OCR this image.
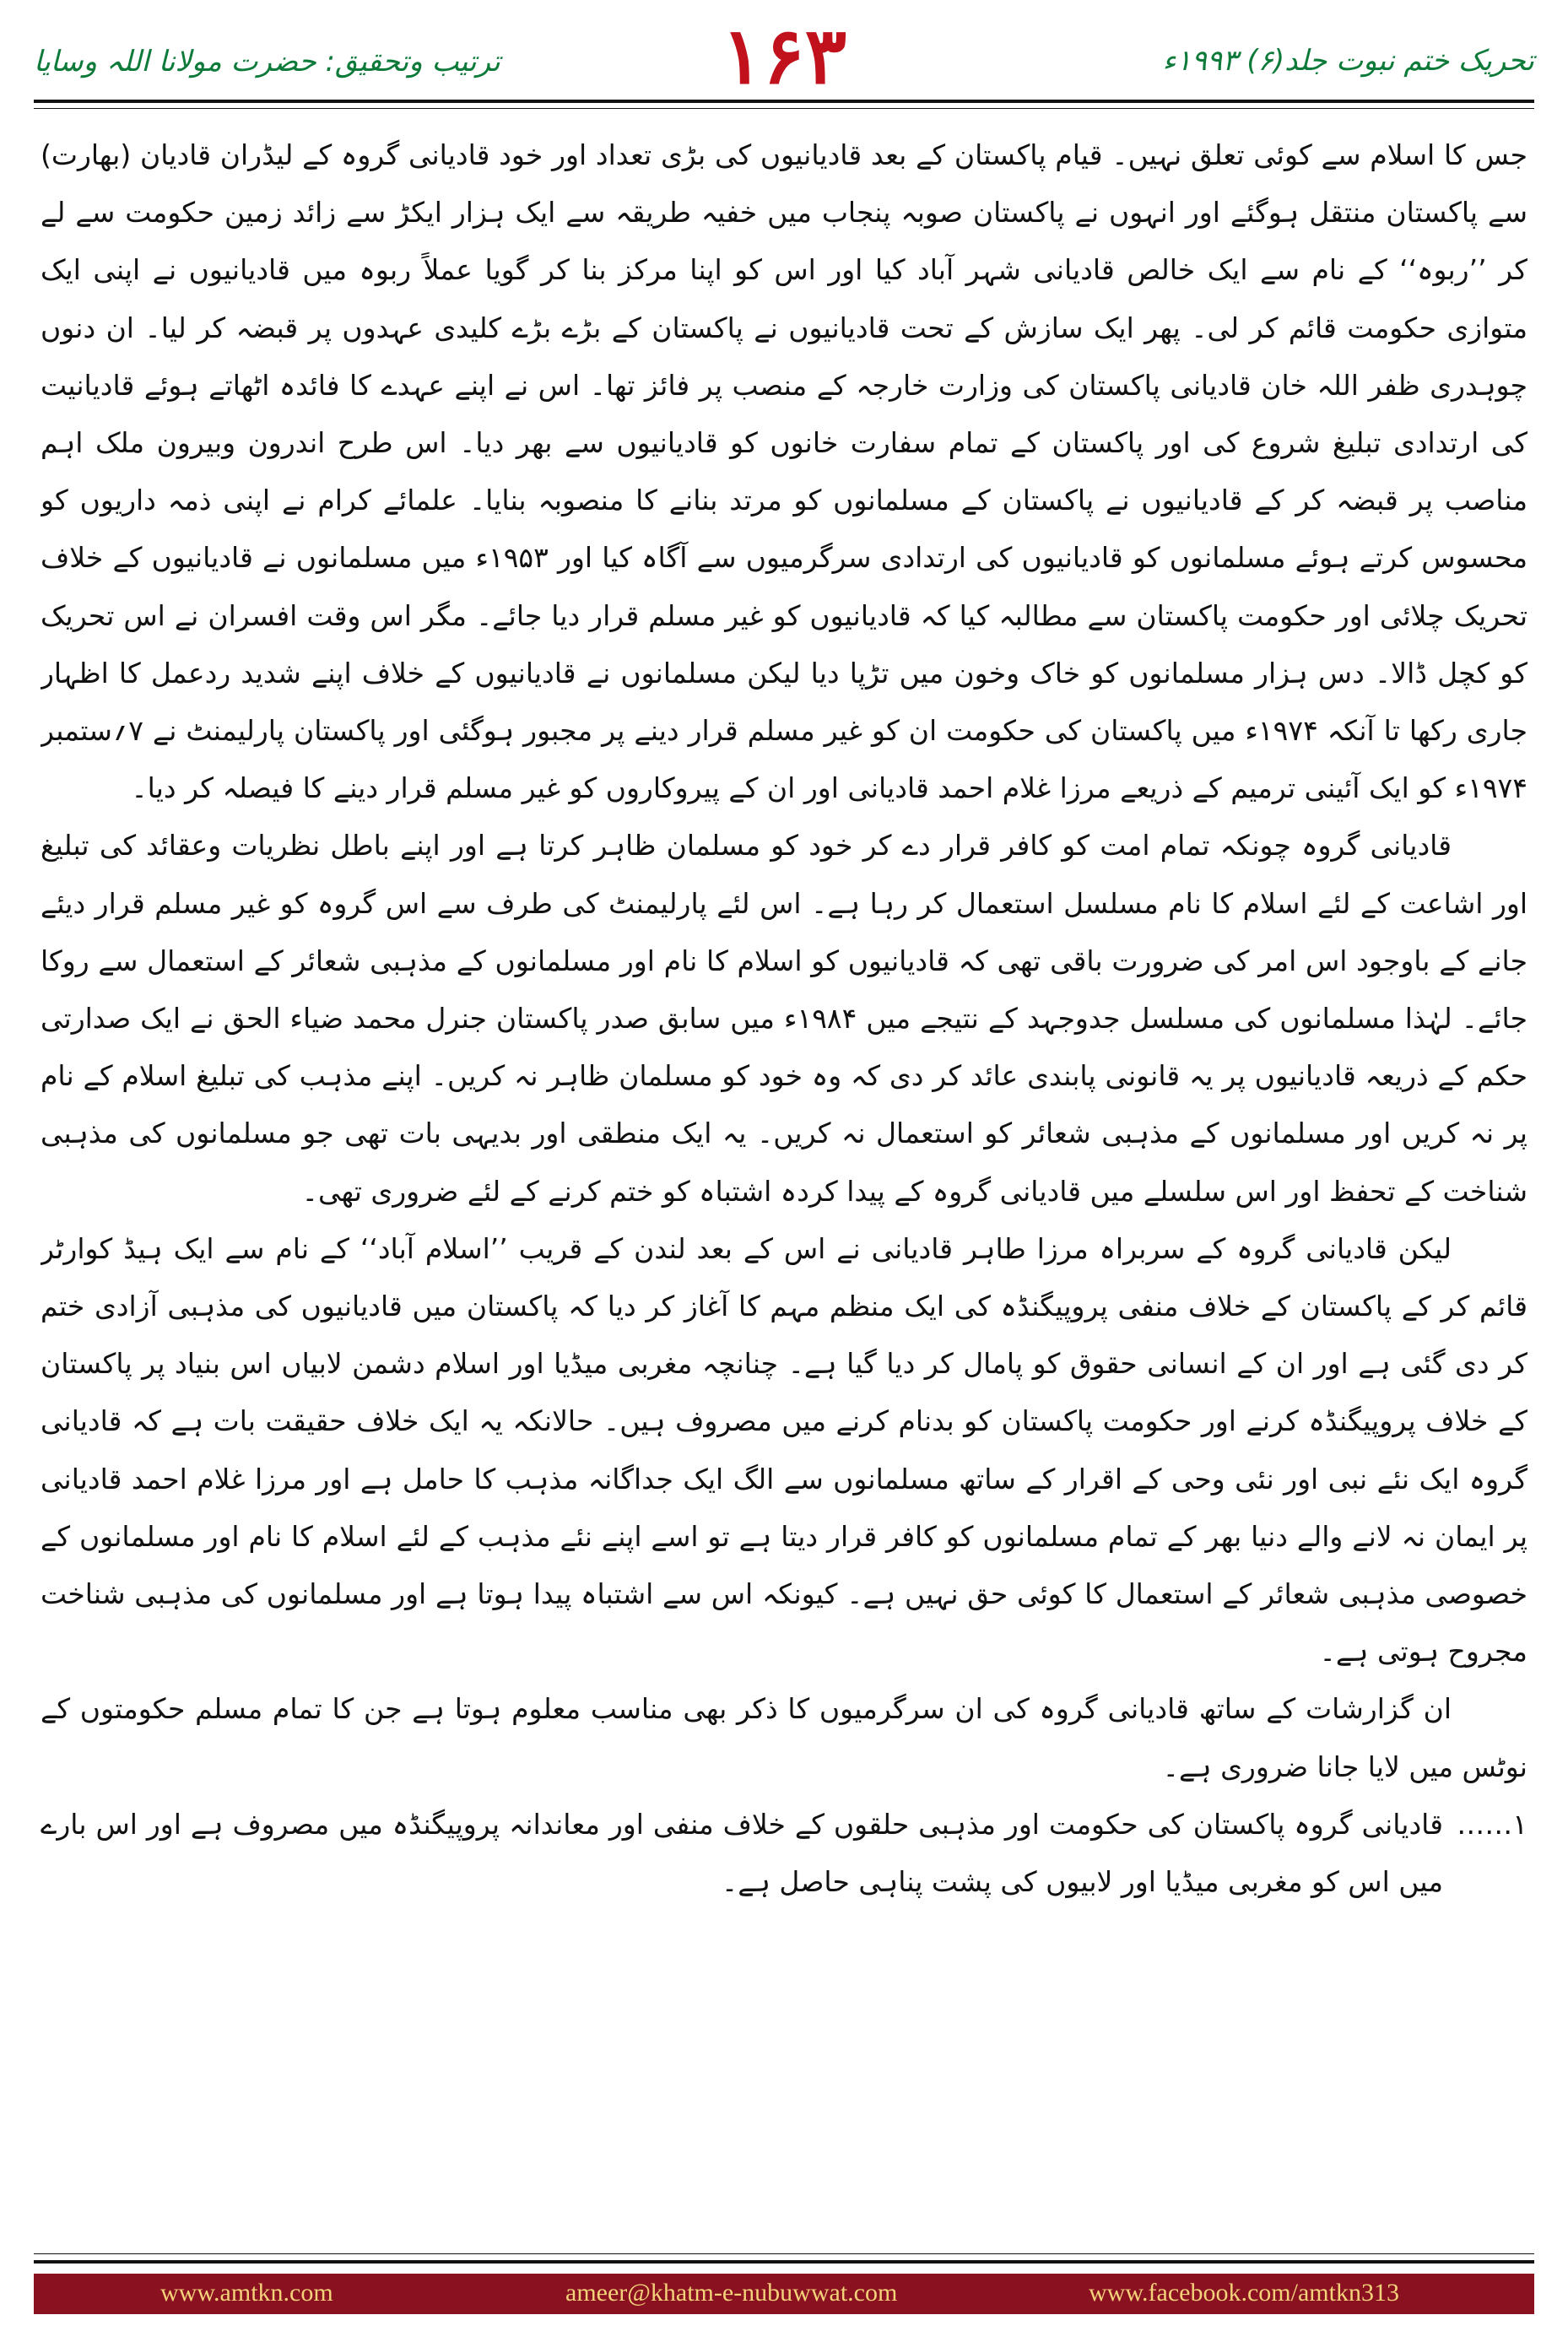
ترتیب وتحقیق: حضرت مولانا اللہ وسایا	۱۶۳	تحریک ختم نبوت جلد(۶) ۱۹۹۳ء

جس کا اسلام سے کوئی تعلق نہیں۔ قیام پاکستان کے بعد قادیانیوں کی بڑی تعداد اور خود قادیانی گروہ کے لیڈران قادیان (بھارت) سے پاکستان منتقل ہوگئے اور انہوں نے پاکستان صوبہ پنجاب میں خفیہ طریقہ سے ایک ہزار ایکڑ سے زائد زمین حکومت سے لے کر ’’ربوہ‘‘ کے نام سے ایک خالص قادیانی شہر آباد کیا اور اس کو اپنا مرکز بنا کر گویا عملاً ربوہ میں قادیانیوں نے اپنی ایک متوازی حکومت قائم کر لی۔ پھر ایک سازش کے تحت قادیانیوں نے پاکستان کے بڑے بڑے کلیدی عہدوں پر قبضہ کر لیا۔ ان دنوں چوہدری ظفر اللہ خان قادیانی پاکستان کی وزارت خارجہ کے منصب پر فائز تھا۔ اس نے اپنے عہدے کا فائدہ اٹھاتے ہوئے قادیانیت کی ارتدادی تبلیغ شروع کی اور پاکستان کے تمام سفارت خانوں کو قادیانیوں سے بھر دیا۔ اس طرح اندرون وبیرون ملک اہم مناصب پر قبضہ کر کے قادیانیوں نے پاکستان کے مسلمانوں کو مرتد بنانے کا منصوبہ بنایا۔ علمائے کرام نے اپنی ذمہ داریوں کو محسوس کرتے ہوئے مسلمانوں کو قادیانیوں کی ارتدادی سرگرمیوں سے آگاہ کیا اور ۱۹۵۳ء میں مسلمانوں نے قادیانیوں کے خلاف تحریک چلائی اور حکومت پاکستان سے مطالبہ کیا کہ قادیانیوں کو غیر مسلم قرار دیا جائے۔ مگر اس وقت افسران نے اس تحریک کو کچل ڈالا۔ دس ہزار مسلمانوں کو خاک وخون میں تڑپا دیا لیکن مسلمانوں نے قادیانیوں کے خلاف اپنے شدید ردعمل کا اظہار جاری رکھا تا آنکہ ۱۹۷۴ء میں پاکستان کی حکومت ان کو غیر مسلم قرار دینے پر مجبور ہوگئی اور پاکستان پارلیمنٹ نے ۷؍ستمبر ۱۹۷۴ء کو ایک آئینی ترمیم کے ذریعے مرزا غلام احمد قادیانی اور ان کے پیروکاروں کو غیر مسلم قرار دینے کا فیصلہ کر دیا۔

قادیانی گروہ چونکہ تمام امت کو کافر قرار دے کر خود کو مسلمان ظاہر کرتا ہے اور اپنے باطل نظریات وعقائد کی تبلیغ اور اشاعت کے لئے اسلام کا نام مسلسل استعمال کر رہا ہے۔ اس لئے پارلیمنٹ کی طرف سے اس گروہ کو غیر مسلم قرار دیئے جانے کے باوجود اس امر کی ضرورت باقی تھی کہ قادیانیوں کو اسلام کا نام اور مسلمانوں کے مذہبی شعائر کے استعمال سے روکا جائے۔ لہٰذا مسلمانوں کی مسلسل جدوجہد کے نتیجے میں ۱۹۸۴ء میں سابق صدر پاکستان جنرل محمد ضیاء الحق نے ایک صدارتی حکم کے ذریعہ قادیانیوں پر یہ قانونی پابندی عائد کر دی کہ وہ خود کو مسلمان ظاہر نہ کریں۔ اپنے مذہب کی تبلیغ اسلام کے نام پر نہ کریں اور مسلمانوں کے مذہبی شعائر کو استعمال نہ کریں۔ یہ ایک منطقی اور بدیہی بات تھی جو مسلمانوں کی مذہبی شناخت کے تحفظ اور اس سلسلے میں قادیانی گروہ کے پیدا کردہ اشتباہ کو ختم کرنے کے لئے ضروری تھی۔

لیکن قادیانی گروہ کے سربراہ مرزا طاہر قادیانی نے اس کے بعد لندن کے قریب ’’اسلام آباد‘‘ کے نام سے ایک ہیڈ کوارٹر قائم کر کے پاکستان کے خلاف منفی پروپیگنڈہ کی ایک منظم مہم کا آغاز کر دیا کہ پاکستان میں قادیانیوں کی مذہبی آزادی ختم کر دی گئی ہے اور ان کے انسانی حقوق کو پامال کر دیا گیا ہے۔ چنانچہ مغربی میڈیا اور اسلام دشمن لابیاں اس بنیاد پر پاکستان کے خلاف پروپیگنڈہ کرنے اور حکومت پاکستان کو بدنام کرنے میں مصروف ہیں۔ حالانکہ یہ ایک خلاف حقیقت بات ہے کہ قادیانی گروہ ایک نئے نبی اور نئی وحی کے اقرار کے ساتھ مسلمانوں سے الگ ایک جداگانہ مذہب کا حامل ہے اور مرزا غلام احمد قادیانی پر ایمان نہ لانے والے دنیا بھر کے تمام مسلمانوں کو کافر قرار دیتا ہے تو اسے اپنے نئے مذہب کے لئے اسلام کا نام اور مسلمانوں کے خصوصی مذہبی شعائر کے استعمال کا کوئی حق نہیں ہے۔ کیونکہ اس سے اشتباہ پیدا ہوتا ہے اور مسلمانوں کی مذہبی شناخت مجروح ہوتی ہے۔

ان گزارشات کے ساتھ قادیانی گروہ کی ان سرگرمیوں کا ذکر بھی مناسب معلوم ہوتا ہے جن کا تمام مسلم حکومتوں کے نوٹس میں لایا جانا ضروری ہے۔

۱……
قادیانی گروہ پاکستان کی حکومت اور مذہبی حلقوں کے خلاف منفی اور معاندانہ پروپیگنڈہ میں مصروف ہے اور اس بارے میں اس کو مغربی میڈیا اور لابیوں کی پشت پناہی حاصل ہے۔
www.amtkn.com	ameer@khatm-e-nubuwwat.com	www.facebook.com/amtkn313
